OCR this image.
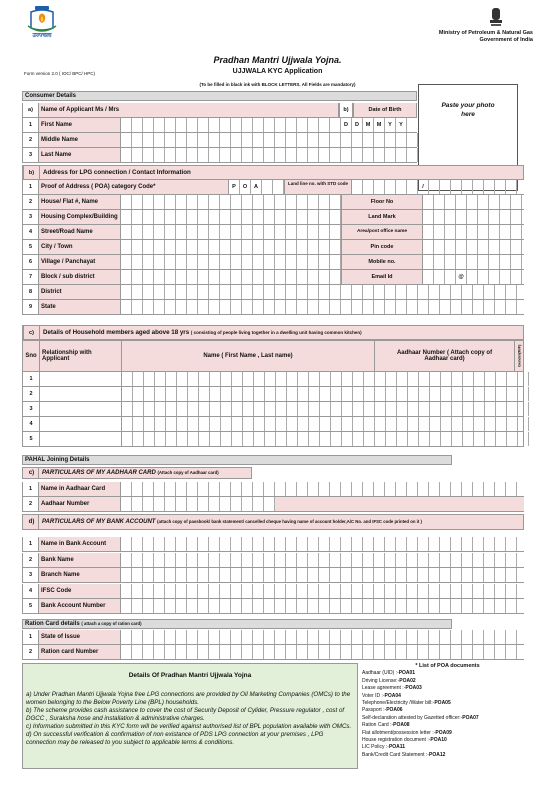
उज्ज्वला	Ministry of Petroleum & Natural Gas
Government of India
Pradhan Mantri Ujjwala Yojna.
Form version 2.0 ( IOC/ BPC/ HPC)	UJJWALA KYC Application
(To be filled in black ink with BLOCK LETTERS. All Fields are mandatory)
Consumer Details
a)	Name of Applicant Ms / Mrs	b)	Date of Birth
1	First Name	D	D	M	M	Y	Y
2	Middle Name
3	Last Name
Paste your photo
here
b)	Address for LPG connection / Contact Information
1	Proof of Address ( POA) category Code*	P	O	A
Land line no. with STD code
/
2	House/ Flat #, Name	Floor No
3	Housing Complex/Building	Land Mark
4	Street/Road Name	Area/post office name
5	City / Town	Pin code
6	Village / Panchayat	Mobile no.
7	Block / sub district	Email Id	@
8	District
9	State
c)	Details of Household members aged above 18 yrs ( consisting of people living together in a dwelling unit having common kitchen)
Sno Relationship with Applicant	Name ( First Name , Last name)	Aadhaar Number ( Attach copy of Aadhaar card)	Gender(M/F)
1
2
3
4
5
PAHAL Joining Details
c) PARTICULARS OF MY AADHAAR CARD (Attach copy of Aadhaar card)
1	Name in Aadhaar Card
2	Aadhaar Number
d) PARTICULARS OF MY BANK ACCOUNT (attach copy of passbook/ bank statement/ cancelled cheque having name of account holder,A/C No. and IFSC code printed on it )
1	Name in Bank Account
2	Bank Name
3	Branch Name
4	IFSC Code
5	Bank Account Number
Ration Card details ( attach a copy of ration card)
1	State of Issue
2	Ration card Number
Details Of Pradhan Mantri Ujjwala Yojna
a) Under Pradhan Mantri Ujjwala Yojna free LPG connections are provided by Oil Marketing Companies (OMCs) to the women belonging to the Below Poverty Line (BPL) households.
b) The scheme provides cash assistance to cover the cost of Security Deposit of Cylider, Pressure regulator , cost of DGCC , Suraksha hose and installation & administrative charges.
c) Information submitted in this KYC form will be verified against authorised list of BPL population available with OMCs.
d) On successful verification & confirmation of non existance of PDS LPG connection at your premises , LPG connection may be released to you subject to applicable terms & conditions.
* List of POA documents
Aadhaar (UID) :-POA01
Driving License:-POA02
Lease agreement :-POA03
Voter ID :-POA04
Telephone/Electricity /Water bill:-POA05
Passport :-POA06
Self-declaration attested by Gazetted officer:-POA07
Ration Card :-POA08
Flat allotment/possession letter :-POA09
House registration document :-POA10
LIC Policy :-POA11
Bank/Credit Card Statement :-POA12
